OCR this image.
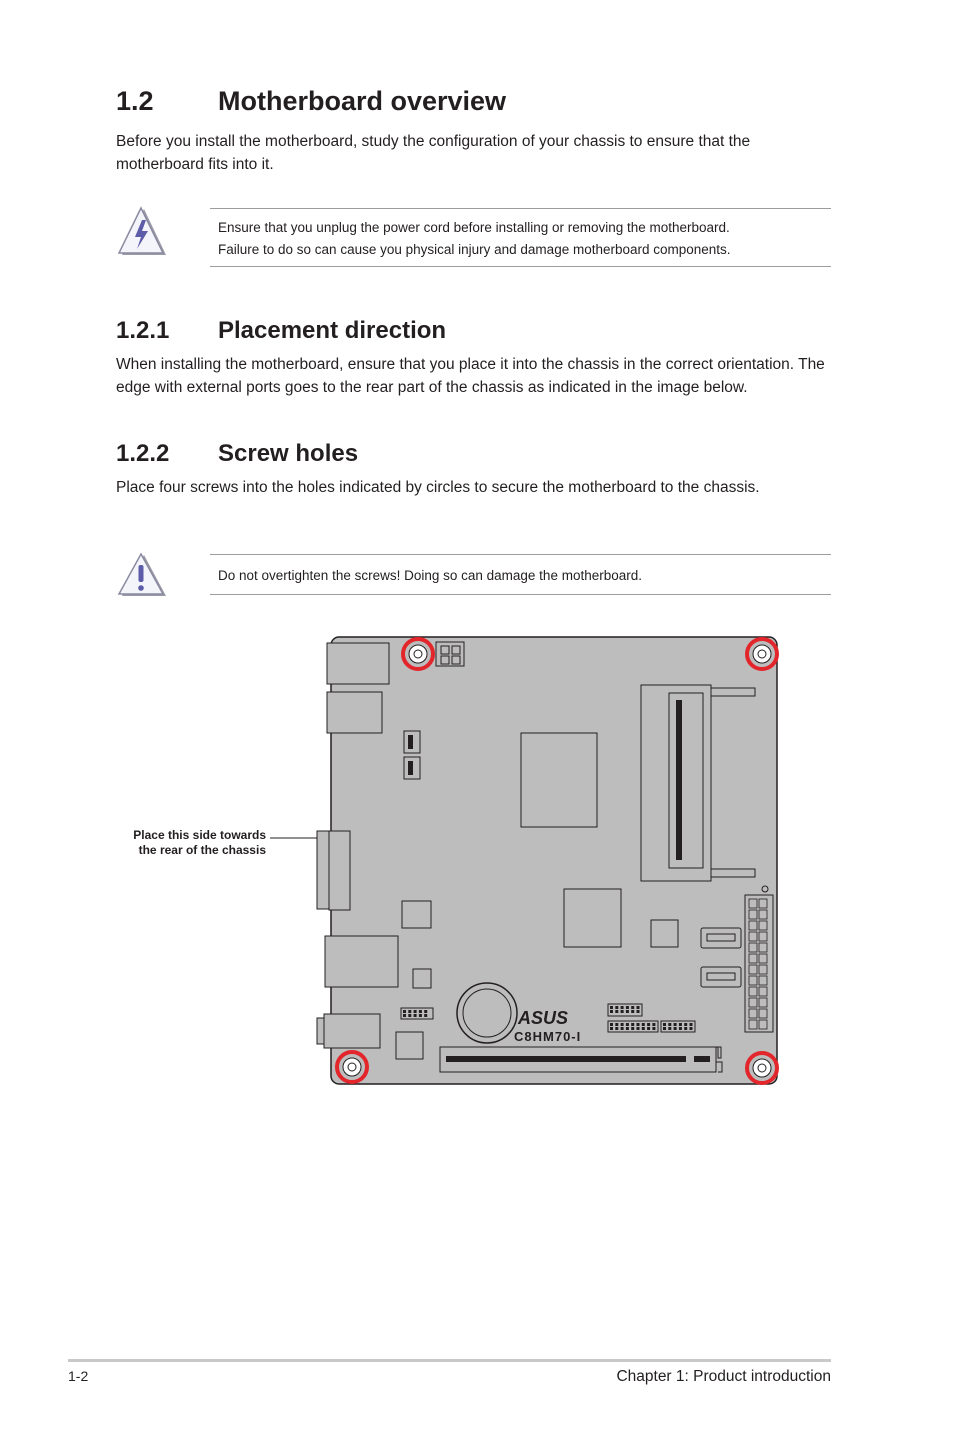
1.2 Motherboard overview

Before you install the motherboard, study the configuration of your chassis to ensure that the motherboard fits into it.

Ensure that you unplug the power cord before installing or removing the motherboard.

Failure to do so can cause you physical injury and damage motherboard components.

1.2.1 Placement direction

When installing the motherboard, ensure that you place it into the chassis in the correct orientation. The edge with external ports goes to the rear part of the chassis as indicated in the image below.

1.2.2 Screw holes

Place four screws into the holes indicated by circles to secure the motherboard to the chassis.

Do not overtighten the screws! Doing so can damage the motherboard.

Place this side towards
the rear of the chassis
ASUS
C8HM70-I
1-2	Chapter 1: Product introduction
